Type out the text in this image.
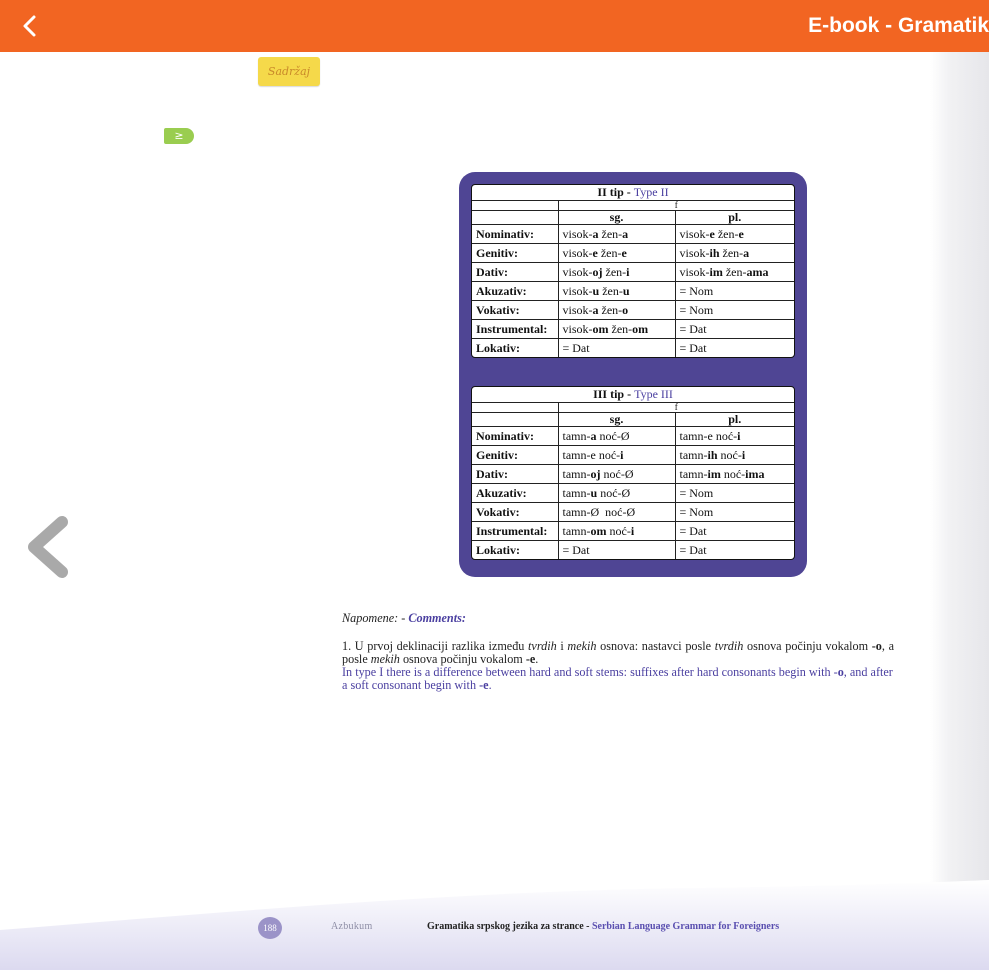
E-book - Gramatik
Sadržaj
≥
II tip - Type II		
	f	
	sg.	pl.
Nominativ:	visok-a žen-a	visok-e žen-e
Genitiv:	visok-e žen-e	visok-ih žen-a
Dativ:	visok-oj žen-i	visok-im žen-ama
Akuzativ:	visok-u žen-u	= Nom
Vokativ:	visok-a žen-o	= Nom
Instrumental:	visok-om žen-om	= Dat
Lokativ:	= Dat	= Dat
III tip - Type III		
	f	
	sg.	pl.
Nominativ:	tamn-a noć-Ø	tamn-e noć-i
Genitiv:	tamn-e noć-i	tamn-ih noć-i
Dativ:	tamn-oj noć-Ø	tamn-im noć-ima
Akuzativ:	tamn-u noć-Ø	= Nom
Vokativ:	tamn-Ø  noć-Ø	= Nom
Instrumental:	tamn-om noć-i	= Dat
Lokativ:	= Dat	= Dat
Napomene: - Comments:
1. U prvoj deklinaciji razlika između tvrdih i mekih osnova: nastavci posle tvrdih osnova počinju vokalom -o, a posle mekih osnova počinju vokalom -e.
In type I there is a difference between hard and soft stems: suffixes after hard consonants begin with -o, and after a soft consonant begin with -e.
188	Azbukum	Gramatika srpskog jezika za strance - Serbian Language Grammar for Foreigners
